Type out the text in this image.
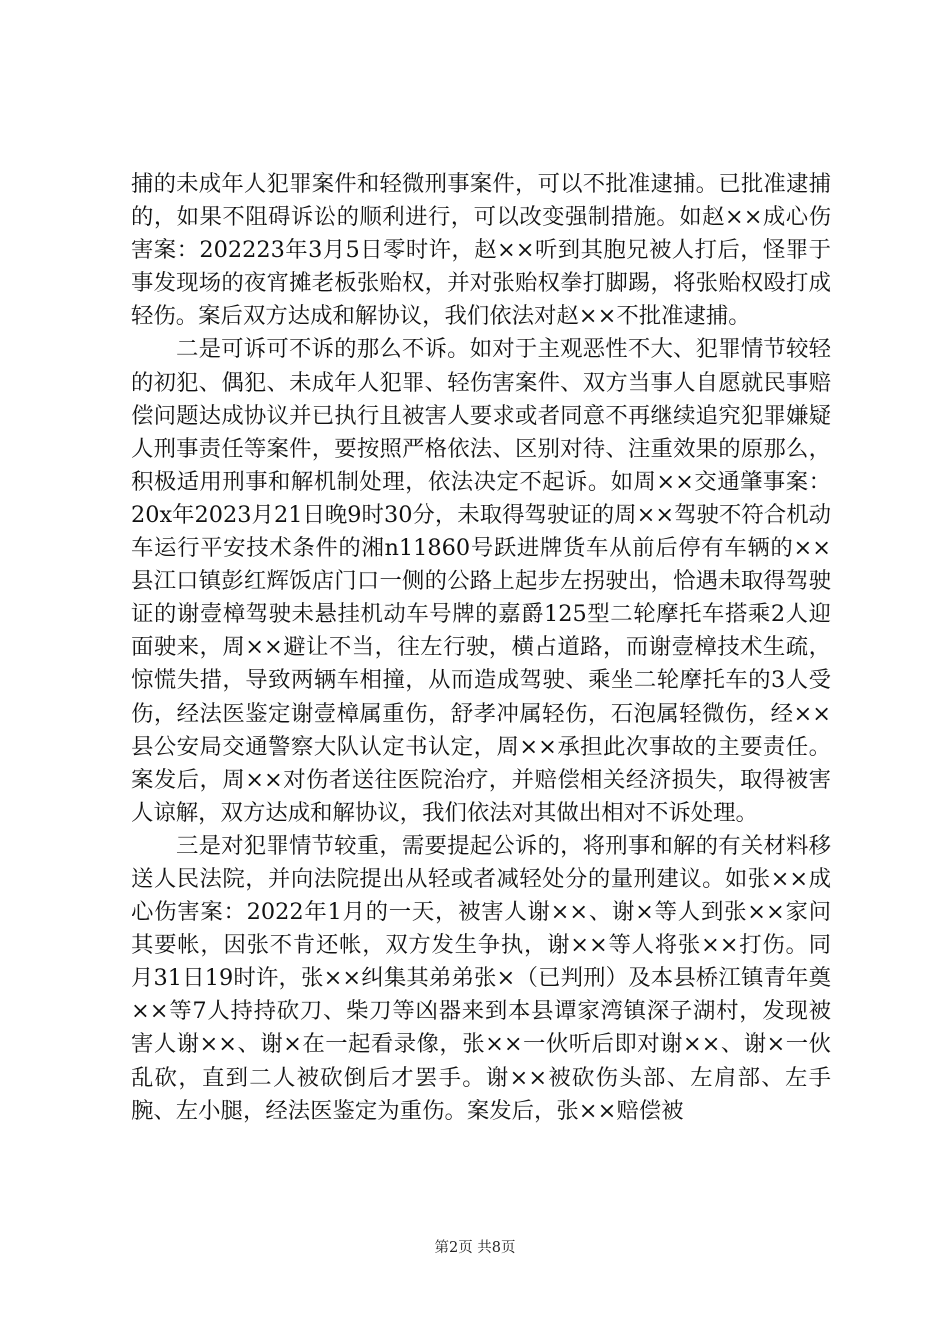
捕的未成年人犯罪案件和轻微刑事案件，可以不批准逮捕。已批准逮捕的，如果不阻碍诉讼的顺利进行，可以改变强制措施。如赵××成心伤害案：202223年3月5日零时许，赵××听到其胞兄被人打后，怪罪于事发现场的夜宵摊老板张贻权，并对张贻权拳打脚踢，将张贻权殴打成轻伤。案后双方达成和解协议，我们依法对赵××不批准逮捕。

二是可诉可不诉的那么不诉。如对于主观恶性不大、犯罪情节较轻的初犯、偶犯、未成年人犯罪、轻伤害案件、双方当事人自愿就民事赔偿问题达成协议并已执行且被害人要求或者同意不再继续追究犯罪嫌疑人刑事责任等案件，要按照严格依法、区别对待、注重效果的原那么，积极适用刑事和解机制处理，依法决定不起诉。如周××交通肇事案：20x年2023月21日晚9时30分，未取得驾驶证的周××驾驶不符合机动车运行平安技术条件的湘n11860号跃进牌货车从前后停有车辆的××县江口镇彭红辉饭店门口一侧的公路上起步左拐驶出，恰遇未取得驾驶证的谢壹樟驾驶未悬挂机动车号牌的嘉爵125型二轮摩托车搭乘2人迎面驶来，周××避让不当，往左行驶，横占道路，而谢壹樟技术生疏，惊慌失措，导致两辆车相撞，从而造成驾驶、乘坐二轮摩托车的3人受伤，经法医鉴定谢壹樟属重伤，舒孝冲属轻伤，石泡属轻微伤，经××县公安局交通警察大队认定书认定，周××承担此次事故的主要责任。案发后，周××对伤者送往医院治疗，并赔偿相关经济损失，取得被害人谅解，双方达成和解协议，我们依法对其做出相对不诉处理。

三是对犯罪情节较重，需要提起公诉的，将刑事和解的有关材料移送人民法院，并向法院提出从轻或者减轻处分的量刑建议。如张××成心伤害案：2022年1月的一天，被害人谢××、谢×等人到张××家问其要帐，因张不肯还帐，双方发生争执，谢××等人将张××打伤。同月31日19时许，张××纠集其弟弟张×（已判刑）及本县桥江镇青年奠××等7人持持砍刀、柴刀等凶器来到本县谭家湾镇深子湖村，发现被害人谢××、谢×在一起看录像，张××一伙听后即对谢××、谢×一伙乱砍，直到二人被砍倒后才罢手。谢××被砍伤头部、左肩部、左手腕、左小腿，经法医鉴定为重伤。案发后，张××赔偿被

第2页 共8页
